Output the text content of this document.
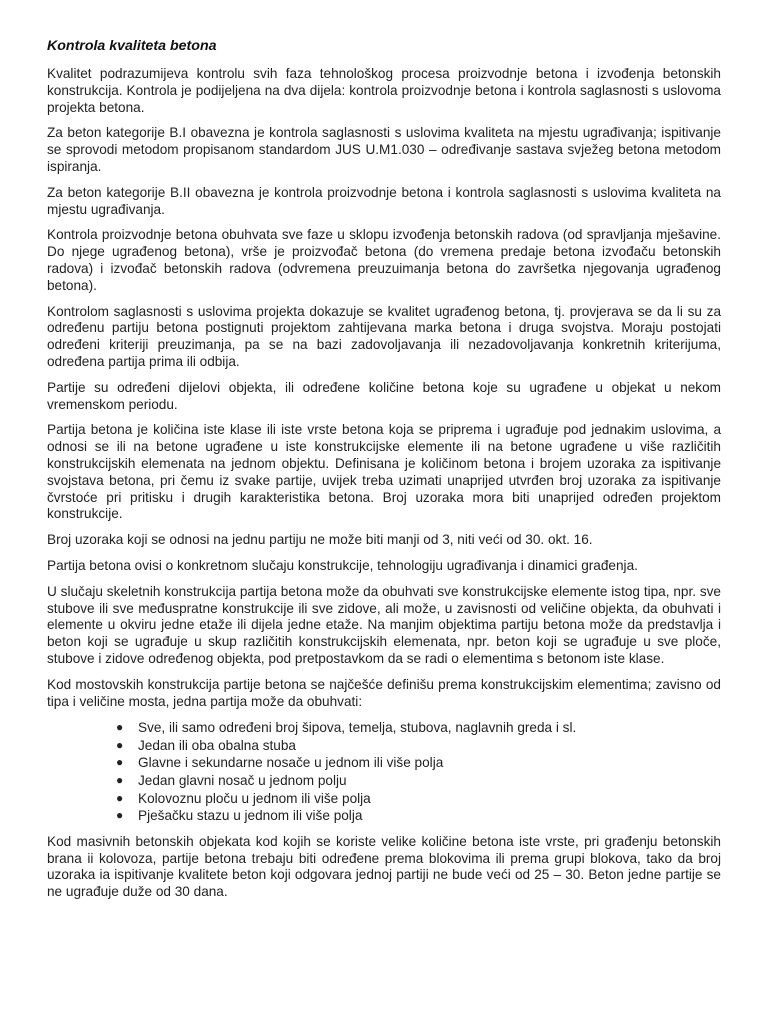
Kontrola kvaliteta betona

Kvalitet podrazumijeva kontrolu svih faza tehnološkog procesa proizvodnje betona i izvođenja betonskih konstrukcija. Kontrola je podijeljena na dva dijela: kontrola proizvodnje betona i kontrola saglasnosti s uslovoma projekta betona.

Za beton kategorije B.I obavezna je kontrola saglasnosti s uslovima kvaliteta na mjestu ugrađivanja; ispitivanje se sprovodi metodom propisanom standardom JUS U.M1.030 – određivanje sastava svježeg betona metodom ispiranja.

Za beton kategorije B.II obavezna je kontrola proizvodnje betona i kontrola saglasnosti s uslovima kvaliteta na mjestu ugrađivanja.

Kontrola proizvodnje betona obuhvata sve faze u sklopu izvođenja betonskih radova (od spravljanja mješavine. Do njege ugrađenog betona), vrše je proizvođač betona (do vremena predaje betona izvođaču betonskih radova) i izvođač betonskih radova (odvremena preuzuimanja betona do završetka njegovanja ugrađenog betona).

Kontrolom saglasnosti s uslovima projekta dokazuje se kvalitet ugrađenog betona, tj. provjerava se da li su za određenu partiju betona postignuti projektom zahtijevana marka betona i druga svojstva. Moraju postojati određeni kriteriji preuzimanja, pa se na bazi zadovoljavanja ili nezadovoljavanja konkretnih kriterijuma, određena partija prima ili odbija.

Partije su određeni dijelovi objekta, ili određene količine betona koje su ugrađene u objekat u nekom vremenskom periodu.

Partija betona je količina iste klase ili iste vrste betona koja se priprema i ugrađuje pod jednakim uslovima, a odnosi se ili na betone ugrađene u iste konstrukcijske elemente ili na betone ugrađene u više različitih konstrukcijskih elemenata na jednom objektu. Definisana je količinom betona i brojem uzoraka za ispitivanje svojstava betona, pri čemu iz svake partije, uvijek treba uzimati unaprijed utvrđen broj uzoraka za ispitivanje čvrstoće pri pritisku i drugih karakteristika betona. Broj uzoraka mora biti unaprijed određen projektom konstrukcije.

Broj uzoraka koji se odnosi na jednu partiju ne može biti manji od 3, niti veći od 30. okt. 16.

Partija betona ovisi o konkretnom slučaju konstrukcije, tehnologiju ugrađivanja i dinamici građenja.

U slučaju skeletnih konstrukcija partija betona može da obuhvati sve konstrukcijske elemente istog tipa, npr. sve stubove ili sve međuspratne konstrukcije ili sve zidove, ali može, u zavisnosti od veličine objekta, da obuhvati i elemente u okviru jedne etaže ili dijela jedne etaže. Na manjim objektima partiju betona može da predstavlja i beton koji se ugrađuje u skup različitih konstrukcijskih elemenata, npr. beton koji se ugrađuje u sve ploče, stubove i zidove određenog objekta, pod pretpostavkom da se radi o elementima s betonom iste klase.

Kod mostovskih konstrukcija partije betona se najčešće definišu prema konstrukcijskim elementima; zavisno od tipa i veličine mosta, jedna partija može da obuhvati:

● Sve, ili samo određeni broj šipova, temelja, stubova, naglavnih greda i sl.
● Jedan ili oba obalna stuba
● Glavne i sekundarne nosače u jednom ili više polja
● Jedan glavni nosač u jednom polju
● Kolovoznu ploču u jednom ili više polja
● Pješačku stazu u jednom ili više polja

Kod masivnih betonskih objekata kod kojih se koriste velike količine betona iste vrste, pri građenju betonskih brana ii kolovoza, partije betona trebaju biti određene prema blokovima ili prema grupi blokova, tako da broj uzoraka ia ispitivanje kvalitete beton koji odgovara jednoj partiji ne bude veći od 25 – 30. Beton jedne partije se ne ugrađuje duže od 30 dana.
